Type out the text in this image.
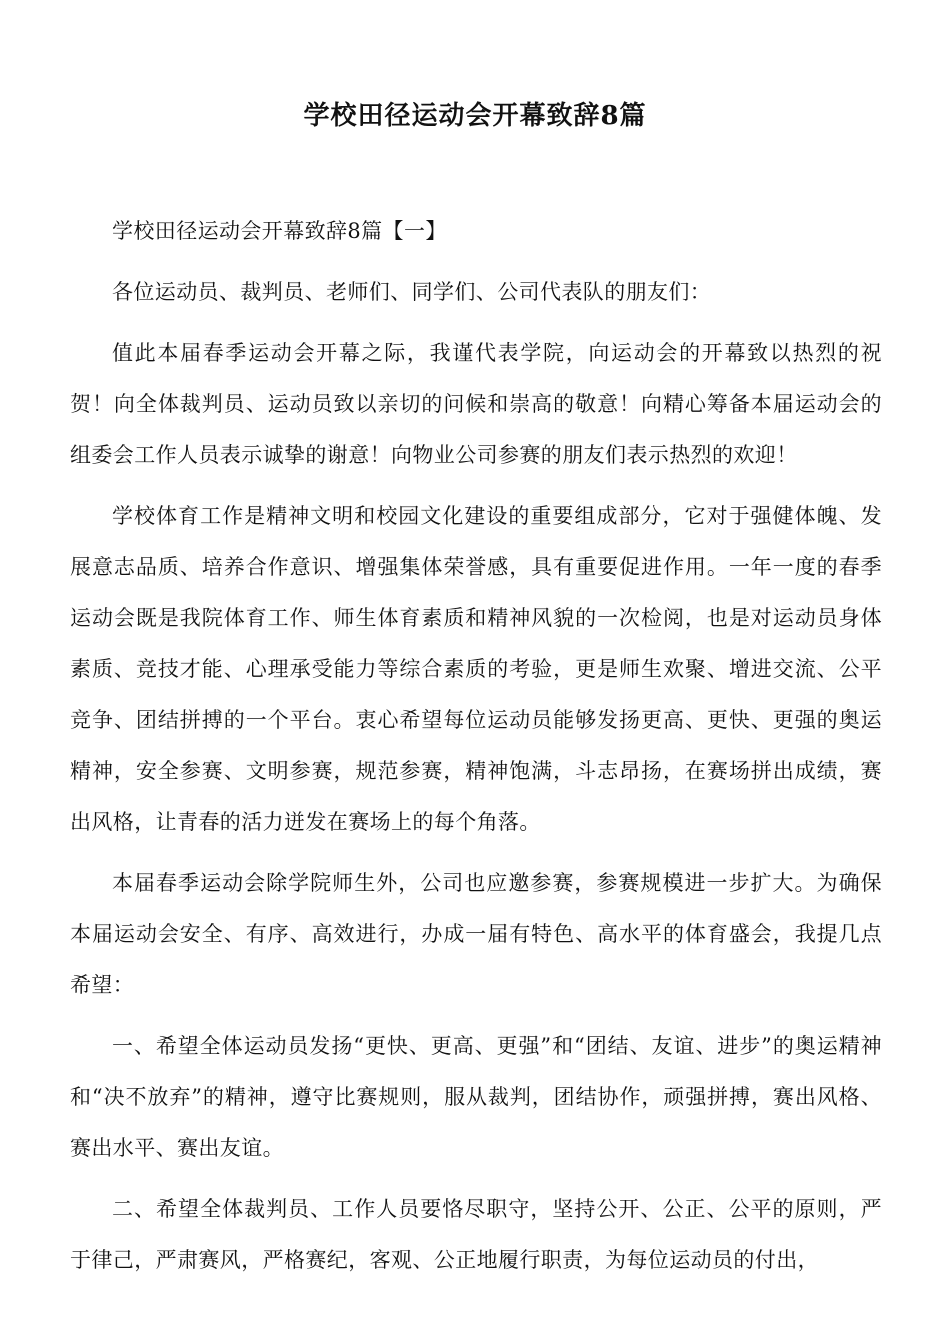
学校田径运动会开幕致辞8篇

学校田径运动会开幕致辞8篇【一】

各位运动员、裁判员、老师们、同学们、公司代表队的朋友们：

值此本届春季运动会开幕之际，我谨代表学院，向运动会的开幕致以热烈的祝贺！向全体裁判员、运动员致以亲切的问候和崇高的敬意！向精心筹备本届运动会的组委会工作人员表示诚挚的谢意！向物业公司参赛的朋友们表示热烈的欢迎！

学校体育工作是精神文明和校园文化建设的重要组成部分，它对于强健体魄、发展意志品质、培养合作意识、增强集体荣誉感，具有重要促进作用。一年一度的春季运动会既是我院体育工作、师生体育素质和精神风貌的一次检阅，也是对运动员身体素质、竞技才能、心理承受能力等综合素质的考验，更是师生欢聚、增进交流、公平竞争、团结拼搏的一个平台。衷心希望每位运动员能够发扬更高、更快、更强的奥运精神，安全参赛、文明参赛，规范参赛，精神饱满，斗志昂扬，在赛场拼出成绩，赛出风格，让青春的活力迸发在赛场上的每个角落。

本届春季运动会除学院师生外，公司也应邀参赛，参赛规模进一步扩大。为确保本届运动会安全、有序、高效进行，办成一届有特色、高水平的体育盛会，我提几点希望：

一、希望全体运动员发扬“更快、更高、更强”和“团结、友谊、进步”的奥运精神和“决不放弃”的精神，遵守比赛规则，服从裁判，团结协作，顽强拼搏，赛出风格、赛出水平、赛出友谊。

二、希望全体裁判员、工作人员要恪尽职守，坚持公开、公正、公平的原则，严于律己，严肃赛风，严格赛纪，客观、公正地履行职责，为每位运动员的付出，
